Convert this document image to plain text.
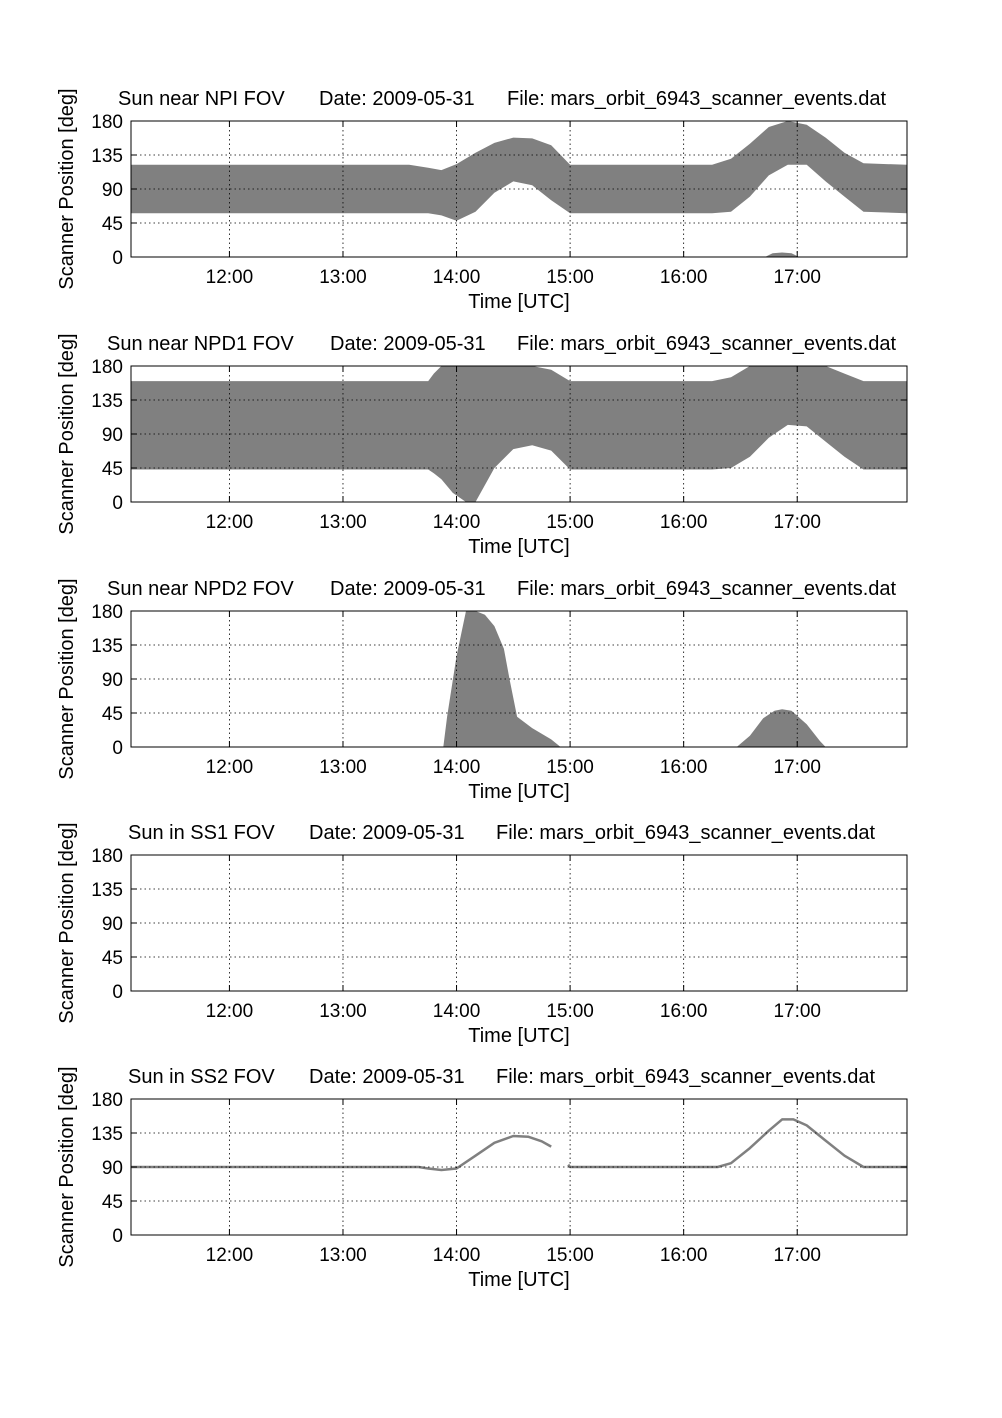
12:00	13:00	14:00	15:00	16:00	17:00
0
45
90
135
180
Sun near NPI FOV Date: 2009-05-31 File: mars_orbit_6943_scanner_events.dat
Time [UTC]
Scanner Position [deg]
12:00	13:00	14:00	15:00	16:00	17:00
0
45
90
135
180
Sun near NPD1 FOV Date: 2009-05-31 File: mars_orbit_6943_scanner_events.dat
Time [UTC]
Scanner Position [deg]
12:00	13:00	14:00	15:00	16:00	17:00
0
45
90
135
180
Sun near NPD2 FOV Date: 2009-05-31 File: mars_orbit_6943_scanner_events.dat
Time [UTC]
Scanner Position [deg]
12:00	13:00	14:00	15:00	16:00	17:00
0
45
90
135
180
Sun in SS1 FOV Date: 2009-05-31 File: mars_orbit_6943_scanner_events.dat
Time [UTC]
Scanner Position [deg]
12:00	13:00	14:00	15:00	16:00	17:00
0
45
90
135
180
Sun in SS2 FOV Date: 2009-05-31 File: mars_orbit_6943_scanner_events.dat
Time [UTC]
Scanner Position [deg]
